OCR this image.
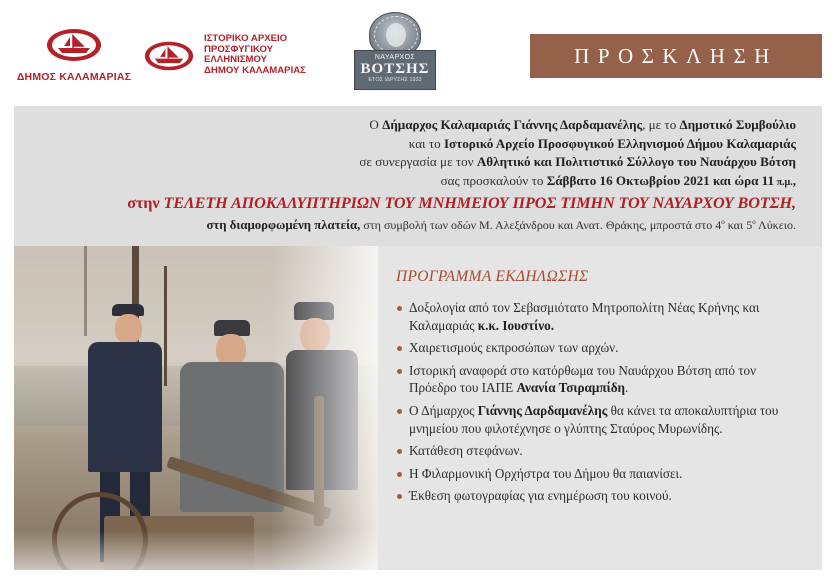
ΔΗΜΟΣ ΚΑΛΑΜΑΡΙΑΣ
ΙΣΤΟΡΙΚΟ ΑΡΧΕΙΟ
ΠΡΟΣΦΥΓΙΚΟΥ
ΕΛΛΗΝΙΣΜΟΥ
ΔΗΜΟΥ ΚΑΛΑΜΑΡΙΑΣ
ΝΑΥΑΡΧΟΣ
ΒΟΤΣΗΣ
ΕΤΟΣ ΙΔΡΥΣΗΣ 1933
ΠΡΟΣΚΛΗΣΗ
Ο Δήμαρχος Καλαμαριάς Γιάννης Δαρδαμανέλης, με το Δημοτικό Συμβούλιο
και το Ιστορικό Αρχείο Προσφυγικού Ελληνισμού Δήμου Καλαμαριάς
σε συνεργασία με τον Αθλητικό και Πολιτιστικό Σύλλογο του Ναυάρχου Βότση
σας προσκαλούν το Σάββατο 16 Οκτωβρίου 2021 και ώρα 11 π.μ.,
στην ΤΕΛΕΤΗ ΑΠΟΚΑΛΥΠΤΗΡΙΩΝ ΤΟΥ ΜΝΗΜΕΙΟΥ ΠΡΟΣ ΤΙΜΗΝ ΤΟΥ ΝΑΥΑΡΧΟΥ ΒΟΤΣΗ,
στη διαμορφωμένη πλατεία, στη συμβολή των οδών Μ. Αλεξάνδρου και Ανατ. Θράκης, μπροστά στο $4^o$ και $5^o$ Λύκειο.
ΠΡΟΓΡΑΜΜΑ ΕΚΔΗΛΩΣΗΣ
Δοξολογία από τον Σεβασμιότατο Μητροπολίτη Νέας Κρήνης και Καλαμαριάς κ.κ. Ιουστίνο.
Χαιρετισμούς εκπροσώπων των αρχών.
Ιστορική αναφορά στο κατόρθωμα του Ναυάρχου Βότση από τον Πρόεδρο του ΙΑΠΕ Ανανία Τσιραμπίδη.
Ο Δήμαρχος Γιάννης Δαρδαμανέλης θα κάνει τα αποκαλυπτήρια του μνημείου που φιλοτέχνησε ο γλύπτης Σταύρος Μυρωνίδης.
Κατάθεση στεφάνων.
Η Φιλαρμονική Ορχήστρα του Δήμου θα παιανίσει.
Έκθεση φωτογραφίας για ενημέρωση του κοινού.
